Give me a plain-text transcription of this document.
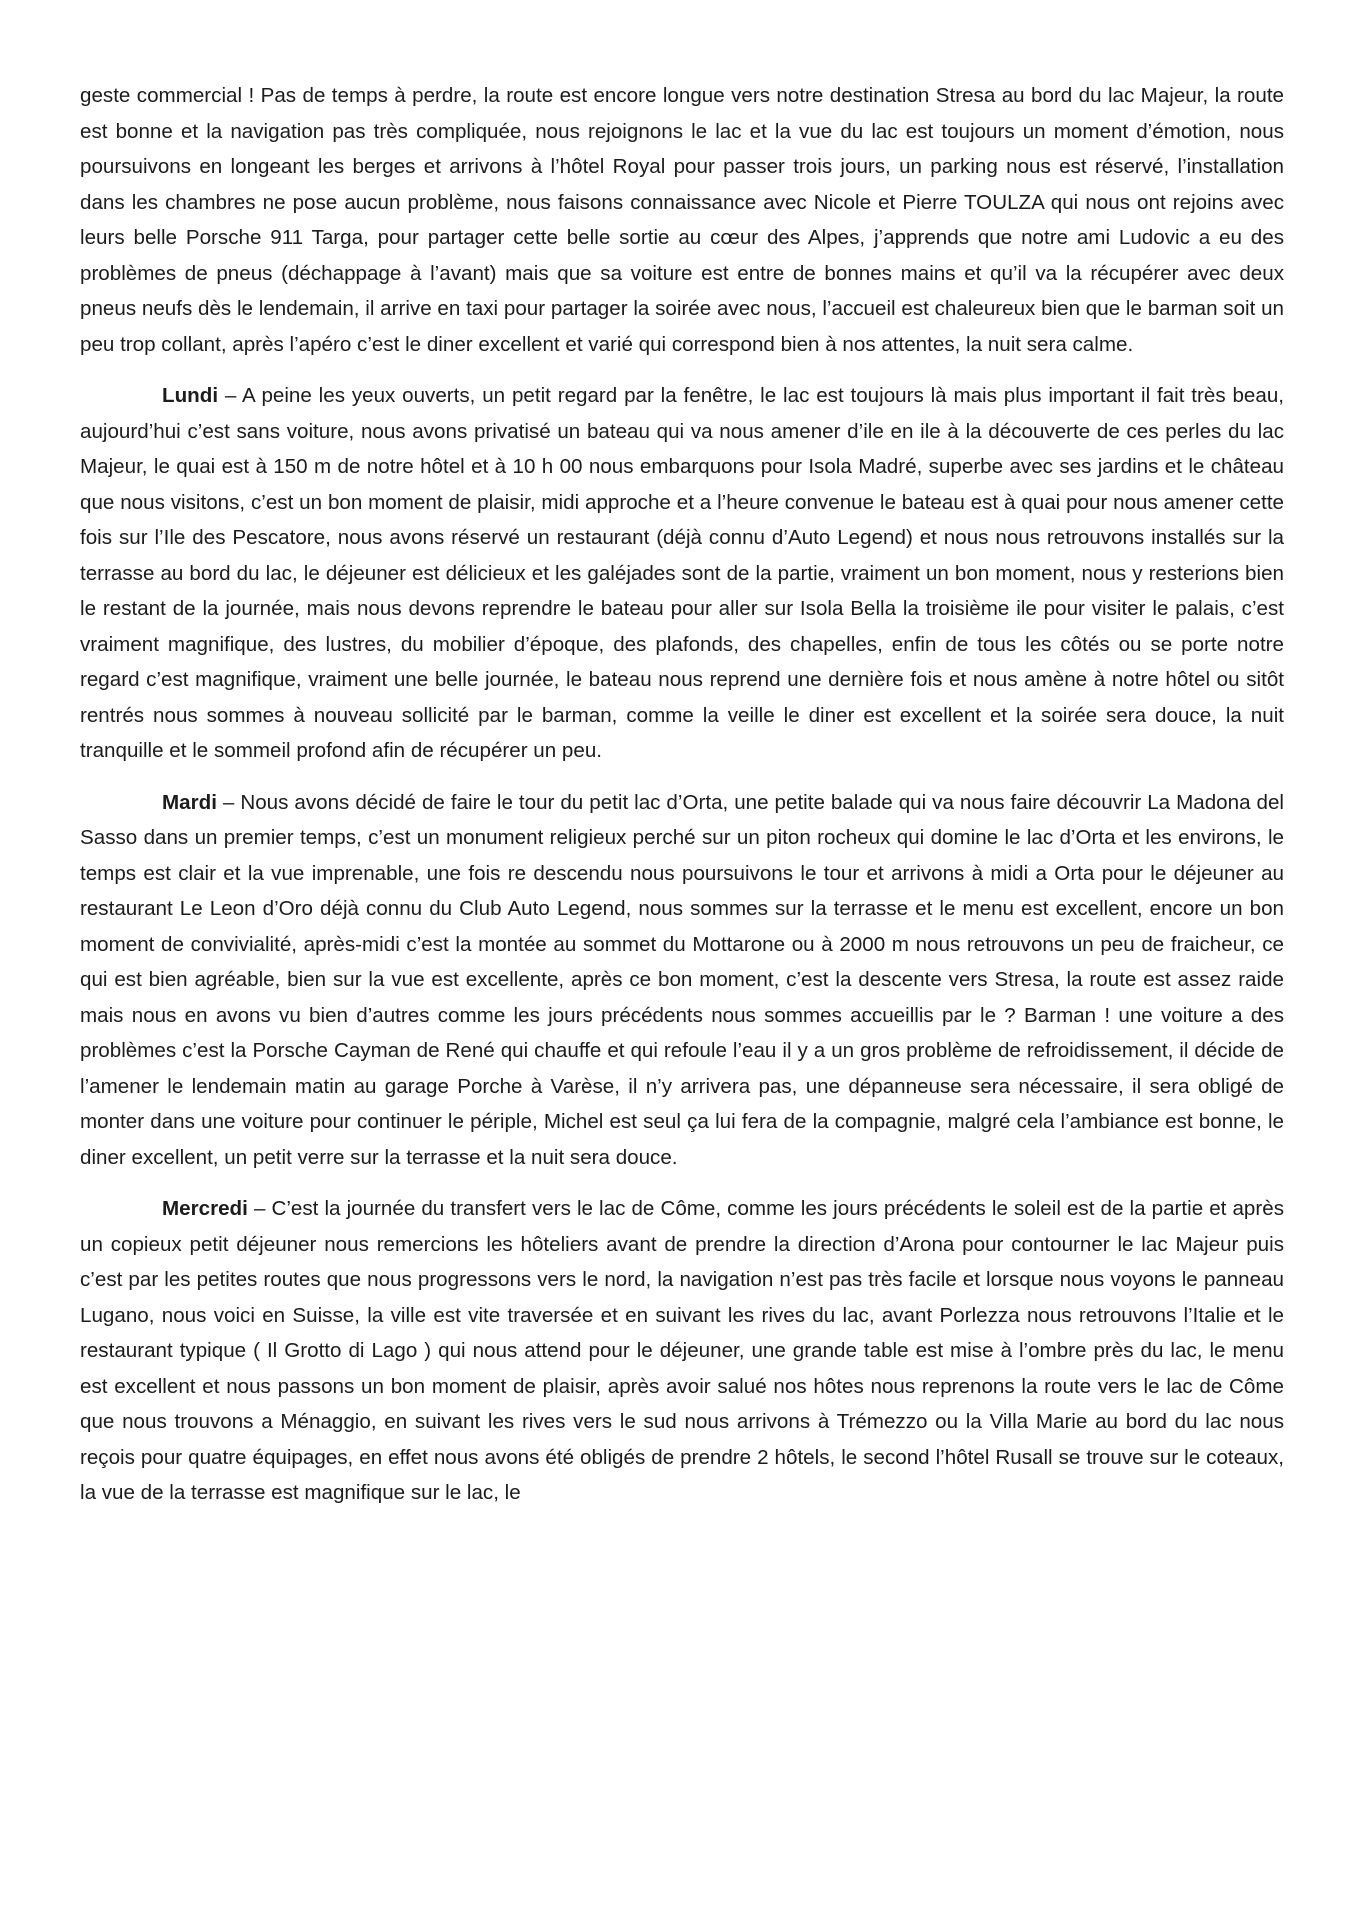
geste commercial ! Pas de temps à perdre, la route est encore longue vers notre destination Stresa au bord du lac Majeur, la route est bonne et la navigation pas très compliquée, nous rejoignons le lac et la vue du lac est toujours un moment d’émotion, nous poursuivons en longeant les berges et arrivons à l’hôtel Royal pour passer trois jours, un parking nous est réservé, l’installation dans les chambres ne pose aucun problème, nous faisons connaissance avec Nicole et Pierre TOULZA qui nous ont rejoins avec leurs belle Porsche 911 Targa, pour partager cette belle sortie au cœur des Alpes, j’apprends que notre ami Ludovic a eu des problèmes de pneus (déchappage à l’avant) mais que sa voiture est entre de bonnes mains et qu’il va la récupérer avec deux pneus neufs dès le lendemain, il arrive en taxi pour partager la soirée avec nous, l’accueil est chaleureux bien que le barman soit un peu trop collant, après l’apéro c’est le diner excellent et varié qui correspond bien à nos attentes, la nuit sera calme.

Lundi – A peine les yeux ouverts, un petit regard par la fenêtre, le lac est toujours là mais plus important il fait très beau, aujourd’hui c’est sans voiture, nous avons privatisé un bateau qui va nous amener d’ile en ile à la découverte de ces perles du lac Majeur, le quai est à 150 m de notre hôtel et à 10 h 00 nous embarquons pour Isola Madré, superbe avec ses jardins et le château que nous visitons, c’est un bon moment de plaisir, midi approche et a l’heure convenue le bateau est à quai pour nous amener cette fois sur l’Ile des Pescatore, nous avons réservé un restaurant (déjà connu d’Auto Legend) et nous nous retrouvons installés sur la terrasse au bord du lac, le déjeuner est délicieux et les galéjades sont de la partie, vraiment un bon moment, nous y resterions bien le restant de la journée, mais nous devons reprendre le bateau pour aller sur Isola Bella la troisième ile pour visiter le palais, c’est vraiment magnifique, des lustres, du mobilier d’époque, des plafonds, des chapelles, enfin de tous les côtés ou se porte notre regard c’est magnifique, vraiment une belle journée, le bateau nous reprend une dernière fois et nous amène à notre hôtel ou sitôt rentrés nous sommes à nouveau sollicité par le barman, comme la veille le diner est excellent et la soirée sera douce, la nuit tranquille et le sommeil profond afin de récupérer un peu.

Mardi – Nous avons décidé de faire le tour du petit lac d’Orta, une petite balade qui va nous faire découvrir La Madona del Sasso dans un premier temps, c’est un monument religieux perché sur un piton rocheux qui domine le lac d’Orta et les environs, le temps est clair et la vue imprenable, une fois re descendu nous poursuivons le tour et arrivons à midi a Orta pour le déjeuner au restaurant Le Leon d’Oro déjà connu du Club Auto Legend, nous sommes sur la terrasse et le menu est excellent, encore un bon moment de convivialité, après-midi c’est la montée au sommet du Mottarone ou à 2000 m nous retrouvons un peu de fraicheur, ce qui est bien agréable, bien sur la vue est excellente, après ce bon moment, c’est la descente vers Stresa, la route est assez raide mais nous en avons vu bien d’autres comme les jours précédents nous sommes accueillis par le ? Barman ! une voiture a des problèmes c’est la Porsche Cayman de René qui chauffe et qui refoule l’eau il y a un gros problème de refroidissement, il décide de l’amener le lendemain matin au garage Porche à Varèse, il n’y arrivera pas, une dépanneuse sera nécessaire, il sera obligé de monter dans une voiture pour continuer le périple, Michel est seul ça lui fera de la compagnie, malgré cela l’ambiance est bonne, le diner excellent, un petit verre sur la terrasse et la nuit sera douce.

Mercredi – C’est la journée du transfert vers le lac de Côme, comme les jours précédents le soleil est de la partie et après un copieux petit déjeuner nous remercions les hôteliers avant de prendre la direction d’Arona pour contourner le lac Majeur puis c’est par les petites routes que nous progressons vers le nord, la navigation n’est pas très facile et lorsque nous voyons le panneau Lugano, nous voici en Suisse, la ville est vite traversée et en suivant les rives du lac, avant Porlezza nous retrouvons l’Italie et le restaurant typique ( Il Grotto di Lago ) qui nous attend pour le déjeuner, une grande table est mise à l’ombre près du lac, le menu est excellent et nous passons un bon moment de plaisir, après avoir salué nos hôtes nous reprenons la route vers le lac de Côme que nous trouvons a Ménaggio, en suivant les rives vers le sud nous arrivons à Trémezzo ou la Villa Marie au bord du lac nous reçois pour quatre équipages, en effet nous avons été obligés de prendre 2 hôtels, le second l’hôtel Rusall se trouve sur le coteaux, la vue de la terrasse est magnifique sur le lac, le
